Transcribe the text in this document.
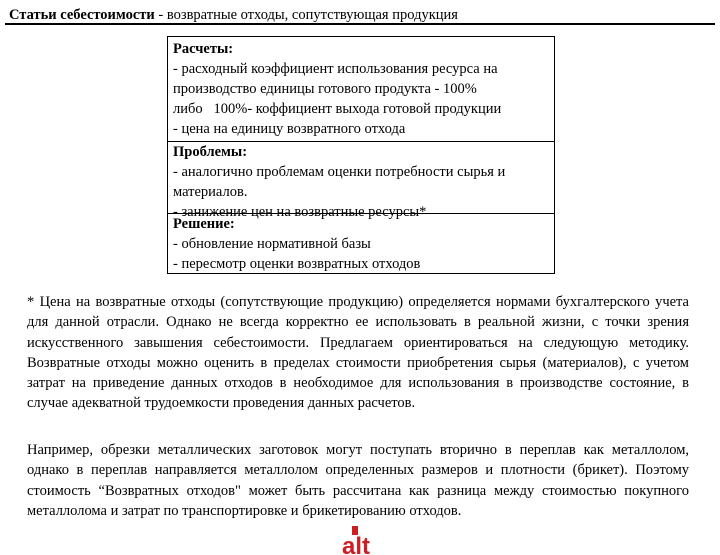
Статьи себестоимости - возвратные отходы, сопутствующая продукция
Расчеты:
- расходный коэффициент использования ресурса на
производство единицы готового продукта - 100%
либо   100%- коффициент выхода готовой продукции
- цена на единицу возвратного отхода
Проблемы:
- аналогично проблемам оценки потребности сырья и
материалов.
- занижение цен на возвратные ресурсы*
Решение:
- обновление нормативной базы
- пересмотр оценки возвратных отходов
* Цена на возвратные отходы (сопутствующие продукцию) определяется нормами бухгалтерского учета для данной отрасли. Однако не всегда корректно ее использовать в реальной жизни, с точки зрения искусственного завышения себестоимости. Предлагаем ориентироваться на следующую методику. Возвратные отходы можно оценить в пределах стоимости приобретения сырья (материалов), с учетом затрат на приведение данных отходов в необходимое для использования в производстве состояние, в случае адекватной трудоемкости проведения данных расчетов.
Например, обрезки металлических заготовок могут поступать вторично в переплав как металлолом, однако в переплав направляется металлолом определенных размеров и плотности (брикет). Поэтому стоимость “Возвратных отходов" может быть рассчитана как разница между стоимостью покупного металлолома и затрат по транспортировке и брикетированию отходов.
alt
